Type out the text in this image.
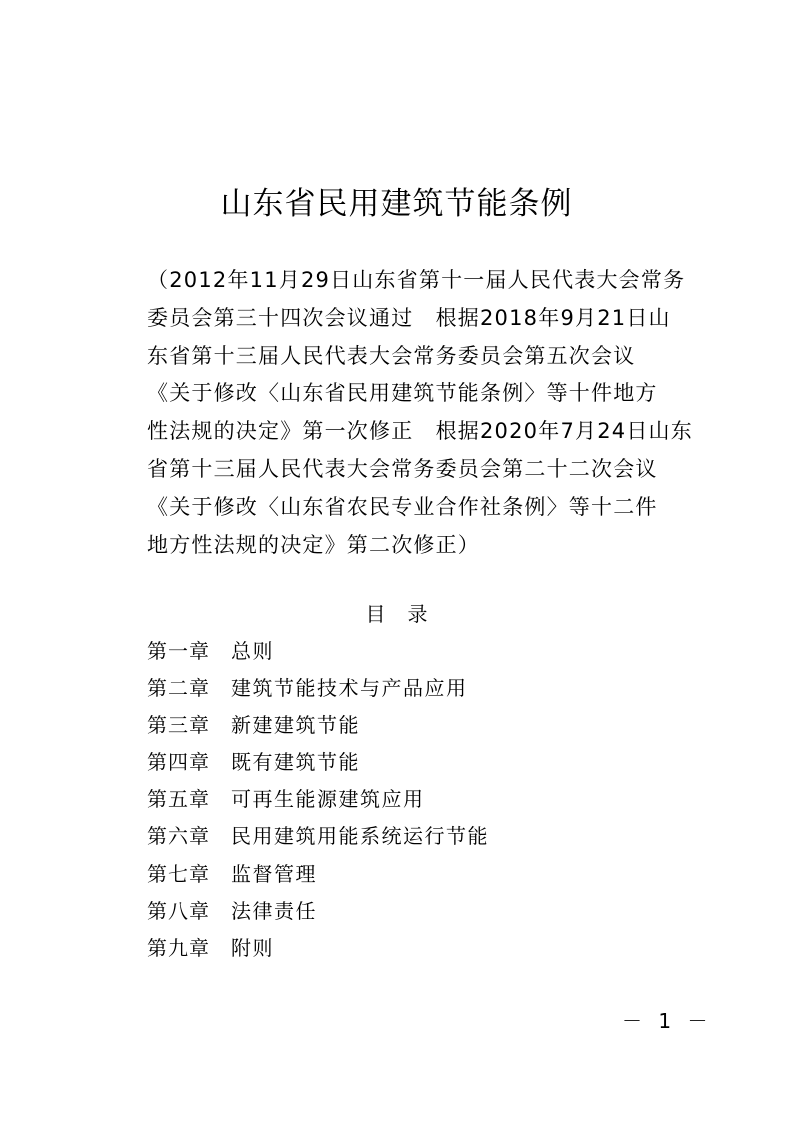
山东省民用建筑节能条例
（2012年11月29日山东省第十一届人民代表大会常务
委员会第三十四次会议通过　根据2018年9月21日山
东省第十三届人民代表大会常务委员会第五次会议
《关于修改〈山东省民用建筑节能条例〉等十件地方
性法规的决定》第一次修正　根据2020年7月24日山东
省第十三届人民代表大会常务委员会第二十二次会议
《关于修改〈山东省农民专业合作社条例〉等十二件
地方性法规的决定》第二次修正）
目录
第一章 总则
第二章 建筑节能技术与产品应用
第三章 新建建筑节能
第四章 既有建筑节能
第五章 可再生能源建筑应用
第六章 民用建筑用能系统运行节能
第七章 监督管理
第八章 法律责任
第九章 附则
－ 1 －
